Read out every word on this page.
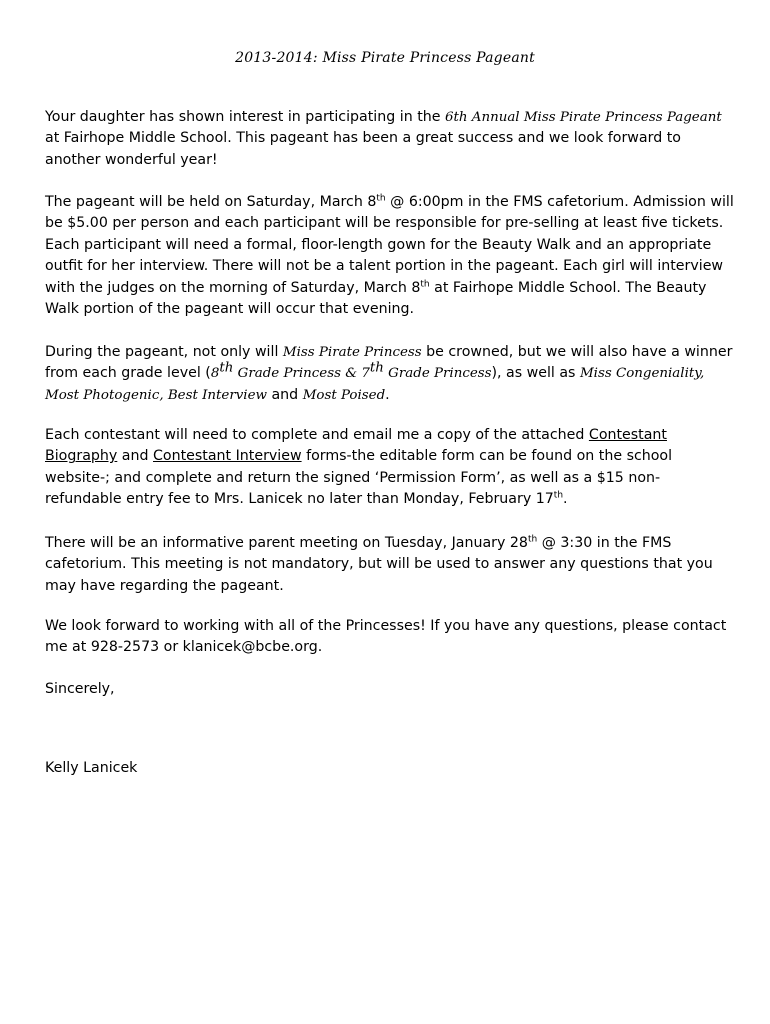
2013-2014: Miss Pirate Princess Pageant

Your daughter has shown interest in participating in the 6th Annual Miss Pirate Princess Pageant at Fairhope Middle School. This pageant has been a great success and we look forward to another wonderful year!

The pageant will be held on Saturday, March 8th @ 6:00pm in the FMS cafetorium. Admission will be $5.00 per person and each participant will be responsible for pre-selling at least five tickets. Each participant will need a formal, floor-length gown for the Beauty Walk and an appropriate outfit for her interview. There will not be a talent portion in the pageant. Each girl will interview with the judges on the morning of Saturday, March 8th at Fairhope Middle School. The Beauty Walk portion of the pageant will occur that evening.

During the pageant, not only will Miss Pirate Princess be crowned, but we will also have a winner from each grade level (8th Grade Princess & 7th Grade Princess), as well as Miss Congeniality, Most Photogenic, Best Interview and Most Poised.

Each contestant will need to complete and email me a copy of the attached Contestant Biography and Contestant Interview forms-the editable form can be found on the school website-; and complete and return the signed ‘Permission Form’, as well as a $15 non-refundable entry fee to Mrs. Lanicek no later than Monday, February 17th.

There will be an informative parent meeting on Tuesday, January 28th @ 3:30 in the FMS cafetorium. This meeting is not mandatory, but will be used to answer any questions that you may have regarding the pageant.

We look forward to working with all of the Princesses! If you have any questions, please contact me at 928-2573 or klanicek@bcbe.org.

Sincerely,

Kelly Lanicek
